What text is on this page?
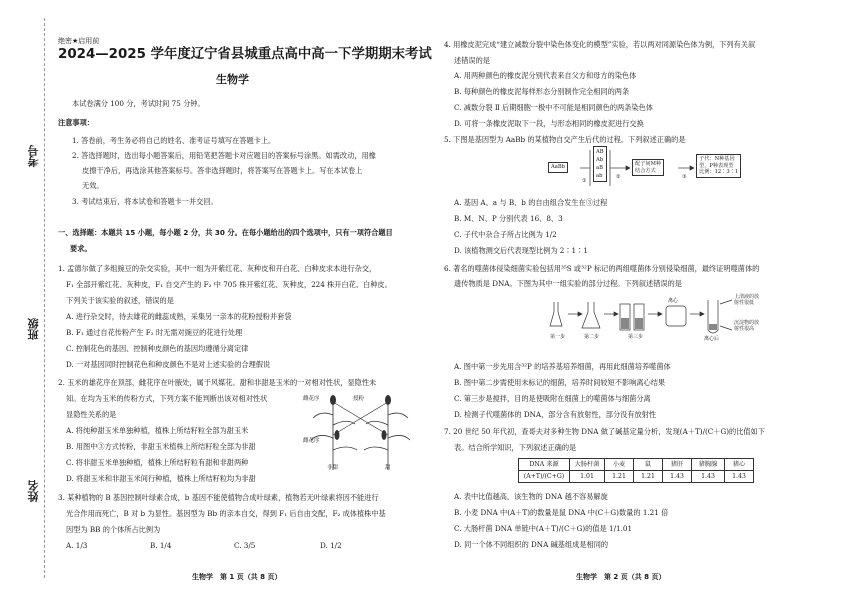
考号
班级
姓名
绝密★启用前
2024—2025 学年度辽宁省县城重点高中高一下学期期末考试
生物学
本试卷满分 100 分，考试时间 75 分钟。
注意事项：
1. 答卷前，考生务必将自己的姓名、准考证号填写在答题卡上。
2. 答选择题时，选出每小题答案后，用铅笔把答题卡对应题目的答案标号涂黑。如需改动，用橡
皮擦干净后，再选涂其他答案标号。答非选择题时，将答案写在答题卡上。写在本试卷上
无效。
3. 考试结束后，将本试卷和答题卡一并交回。
一、选择题：本题共 15 小题，每小题 2 分，共 30 分。在每小题给出的四个选项中，只有一项符合题目
要求。
1. 孟德尔做了多组豌豆的杂交实验，其中一组为开紫红花、灰种皮和开白花、白种皮求本进行杂交，
F₁ 全部开紫红花、灰种皮，F₁ 自交产生的 F₂ 中 705 株开紫红花、灰种皮，224 株开白花、白种皮。
下列关于该实验的叙述，错误的是
A. 进行杂交时，待去雄花的雌蕊成熟，采集另一亲本的花粉授粉并套袋
B. F₁ 通过自花传粉产生 F₂ 时无需对豌豆的花进行处理
C. 控制花色的基因、控制种皮颜色的基因均遵循分离定律
D. 一对基因同时控制花色和种皮颜色不是对上述实验的合理假说
2. 玉米的雄花序在顶部，雌花序在叶腋处，属于风媒花。甜和非甜是玉米的一对相对性状，显隐性未
知。在均为玉米的传粉方式，下列方案不能判断出该对相对性状
显隐性关系的是
A. 将纯种甜玉米单独种植，植株上所结籽粒全部为甜玉米
B. 用图中③方式传粉，非甜玉米植株上所结籽粒全部为非甜
C. 将非甜玉米单独种植，植株上所结籽粒有甜和非甜两种
D. 将甜玉米和非甜玉米间行种植，植株上所结籽粒均为非甜
雌花序	授粉
雌花序
非甜	甜
3. 某种植物的 B 基因控制叶绿素合成，b 基因不能使植物合成叶绿素，植物若无叶绿素将因不能进行
光合作用而死亡，B 对 b 为显性。基因型为 Bb 的亲本自交，得到 F₁ 后自由交配，F₂ 成体植株中基
因型为 BB 的个体所占比例为
A. 1/3	B. 1/4	C. 3/5	D. 1/2
生物学　第 1 页（共 8 页）
4. 用橡皮泥完成“建立减数分裂中染色体变化的模型”实验，若以两对同源染色体为例，下列有关叙
述错误的是
A. 用两种颜色的橡皮泥分别代表来自父方和母方的染色体
B. 每种颜色的橡皮泥每样形态分别制作完全相同的两条
C. 减数分裂 Ⅱ 后期细胞一极中不可能是相同颜色的两条染色体
D. 可将一条橡皮泥取下一段，与形态相同的橡皮泥进行交换
5. 下图是基因型为 AaBb 的某植物自交产生后代的过程。下列叙述正确的是
AaBb
AB
Ab
aB
ab
①
②	③
配子间M种
结合方式
子代：N种基因
型，P种表现型
比例：12∶3∶1
A. 基因 A、a 与 B、b 的自由组合发生在③过程
B. M、N、P 分别代表 16、8、3
C. 子代中杂合子所占比例为 1/2
D. 该植物测交后代表现型比例为 2∶1∶1
6. 著名的噬菌体侵染细菌实验包括用³⁵S 或³²P 标记的两组噬菌体分别侵染细菌，最终证明噬菌体的
遗传物质是 DNA。下图为其中一组实验的部分过程。下列叙述错误的是
第一步	第二步	第三步
离心
离心后
上清液的放
射性很低
沉淀物的放
射性很高
A. 图中第一步先用含³²P 的培养基培养细菌，再用此细菌培养噬菌体
B. 图中第二步需使用未标记的细菌，培养时间较短不影响离心结果
C. 第三步是搅拌，目的是使吸附在细菌上的噬菌体与细菌分离
D. 检测子代噬菌体的 DNA，部分含有放射性，部分没有放射性
7. 20 世纪 50 年代初，查哥夫对多种生物 DNA 做了碱基定量分析，发现(A＋T)/(C＋G)的比值如下
表。结合所学知识，下列叙述正确的是
DNA 来源	大肠杆菌	小麦	鼠	猪肝	猪胸腺	猪心
(A+T)/(C+G)	1.01	1.21	1.21	1.43	1.43	1.43
A. 表中比值越高，该生物的 DNA 越不容易解旋
B. 小麦 DNA 中(A＋T)的数量是鼠 DNA 中(C＋G)数量的 1.21 倍
C. 大肠杆菌 DNA 单链中(A＋T)/(C＋G)的值是 1/1.01
D. 同一个体不同组织的 DNA 碱基组成是相同的
生物学　第 2 页（共 8 页）
